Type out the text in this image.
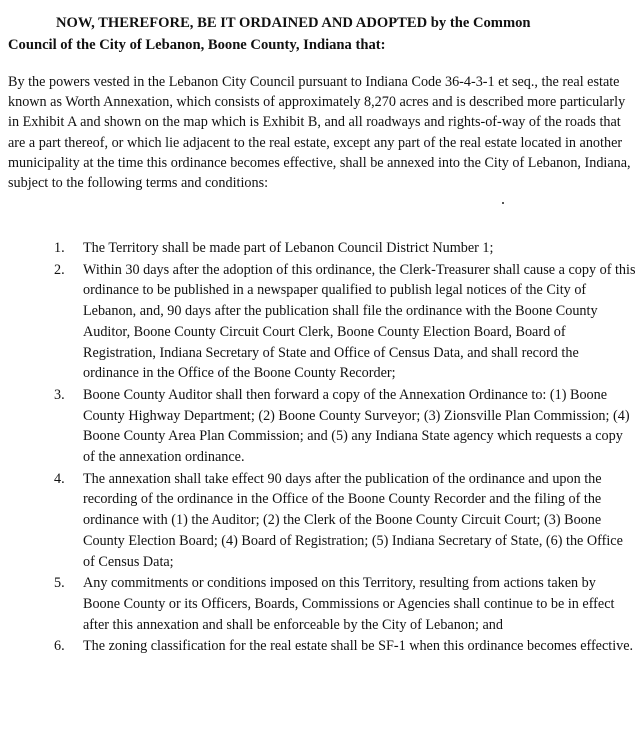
NOW, THEREFORE, BE IT ORDAINED AND ADOPTED by the Common
Council of the City of Lebanon, Boone County, Indiana that:

By the powers vested in the Lebanon City Council pursuant to Indiana Code 36-4-3-1 et seq., the real estate known as Worth Annexation, which consists of approximately 8,270 acres and is described more particularly in Exhibit A and shown on the map which is Exhibit B, and all roadways and rights-of-way of the roads that are a part thereof, or which lie adjacent to the real estate, except any part of the real estate located in another municipality at the time this ordinance becomes effective, shall be annexed into the City of Lebanon, Indiana, subject to the following terms and conditions:

1. The Territory shall be made part of Lebanon Council District Number 1;
2. Within 30 days after the adoption of this ordinance, the Clerk-Treasurer shall cause a copy of this ordinance to be published in a newspaper qualified to publish legal notices of the City of Lebanon, and, 90 days after the publication shall file the ordinance with the Boone County Auditor, Boone County Circuit Court Clerk, Boone County Election Board, Board of Registration, Indiana Secretary of State and Office of Census Data, and shall record the ordinance in the Office of the Boone County Recorder;
3. Boone County Auditor shall then forward a copy of the Annexation Ordinance to: (1) Boone County Highway Department; (2) Boone County Surveyor; (3) Zionsville Plan Commission; (4) Boone County Area Plan Commission; and (5) any Indiana State agency which requests a copy of the annexation ordinance.
4. The annexation shall take effect 90 days after the publication of the ordinance and upon the recording of the ordinance in the Office of the Boone County Recorder and the filing of the ordinance with (1) the Auditor; (2) the Clerk of the Boone County Circuit Court; (3) Boone County Election Board; (4) Board of Registration; (5) Indiana Secretary of State, (6) the Office of Census Data;
5. Any commitments or conditions imposed on this Territory, resulting from actions taken by Boone County or its Officers, Boards, Commissions or Agencies shall continue to be in effect after this annexation and shall be enforceable by the City of Lebanon; and
6. The zoning classification for the real estate shall be SF-1 when this ordinance becomes effective.
